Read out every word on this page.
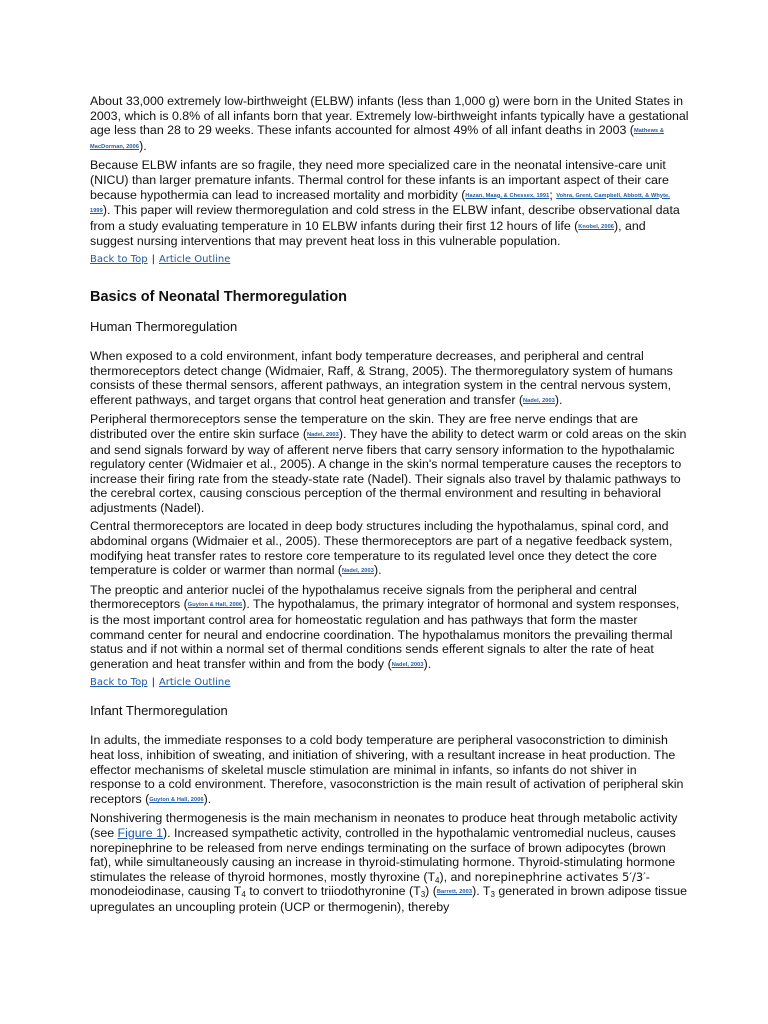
About 33,000 extremely low-birthweight (ELBW) infants (less than 1,000 g) were born in the United States in 2003, which is 0.8% of all infants born that year. Extremely low-birthweight infants typically have a gestational age less than 28 to 29 weeks. These infants accounted for almost 49% of all infant deaths in 2003 (Mathews & MacDorman, 2006).

Because ELBW infants are so fragile, they need more specialized care in the neonatal intensive-care unit (NICU) than larger premature infants. Thermal control for these infants is an important aspect of their care because hypothermia can lead to increased mortality and morbidity (Hazan, Maag, & Chessex, 1991; Vohra, Grent, Campbell, Abbott, & Whyte, 1999). This paper will review thermoregulation and cold stress in the ELBW infant, describe observational data from a study evaluating temperature in 10 ELBW infants during their first 12 hours of life (Knobel, 2006), and suggest nursing interventions that may prevent heat loss in this vulnerable population.

Back to Top | Article Outline
Basics of Neonatal Thermoregulation
Human Thermoregulation

When exposed to a cold environment, infant body temperature decreases, and peripheral and central thermoreceptors detect change (Widmaier, Raff, & Strang, 2005). The thermoregulatory system of humans consists of these thermal sensors, afferent pathways, an integration system in the central nervous system, efferent pathways, and target organs that control heat generation and transfer (Nadel, 2003).

Peripheral thermoreceptors sense the temperature on the skin. They are free nerve endings that are distributed over the entire skin surface (Nadel, 2003). They have the ability to detect warm or cold areas on the skin and send signals forward by way of afferent nerve fibers that carry sensory information to the hypothalamic regulatory center (Widmaier et al., 2005). A change in the skin's normal temperature causes the receptors to increase their firing rate from the steady-state rate (Nadel). Their signals also travel by thalamic pathways to the cerebral cortex, causing conscious perception of the thermal environment and resulting in behavioral adjustments (Nadel).

Central thermoreceptors are located in deep body structures including the hypothalamus, spinal cord, and abdominal organs (Widmaier et al., 2005). These thermoreceptors are part of a negative feedback system, modifying heat transfer rates to restore core temperature to its regulated level once they detect the core temperature is colder or warmer than normal (Nadel, 2003).

The preoptic and anterior nuclei of the hypothalamus receive signals from the peripheral and central thermoreceptors (Guyton & Hall, 2006). The hypothalamus, the primary integrator of hormonal and system responses, is the most important control area for homeostatic regulation and has pathways that form the master command center for neural and endocrine coordination. The hypothalamus monitors the prevailing thermal status and if not within a normal set of thermal conditions sends efferent signals to alter the rate of heat generation and heat transfer within and from the body (Nadel, 2003).

Back to Top | Article Outline
Infant Thermoregulation

In adults, the immediate responses to a cold body temperature are peripheral vasoconstriction to diminish heat loss, inhibition of sweating, and initiation of shivering, with a resultant increase in heat production. The effector mechanisms of skeletal muscle stimulation are minimal in infants, so infants do not shiver in response to a cold environment. Therefore, vasoconstriction is the main result of activation of peripheral skin receptors (Guyton & Hall, 2006).

Nonshivering thermogenesis is the main mechanism in neonates to produce heat through metabolic activity (see Figure 1). Increased sympathetic activity, controlled in the hypothalamic ventromedial nucleus, causes norepinephrine to be released from nerve endings terminating on the surface of brown adipocytes (brown fat), while simultaneously causing an increase in thyroid-stimulating hormone. Thyroid-stimulating hormone stimulates the release of thyroid hormones, mostly thyroxine $(T_4)$, and norepinephrine activates 5′/3′-monodeiodinase, causing $T_4$ to convert to triiodothyronine $(T_3)$ (Barrett, 2003). $T_3$ generated in brown adipose tissue upregulates an uncoupling protein (UCP or thermogenin), thereby
